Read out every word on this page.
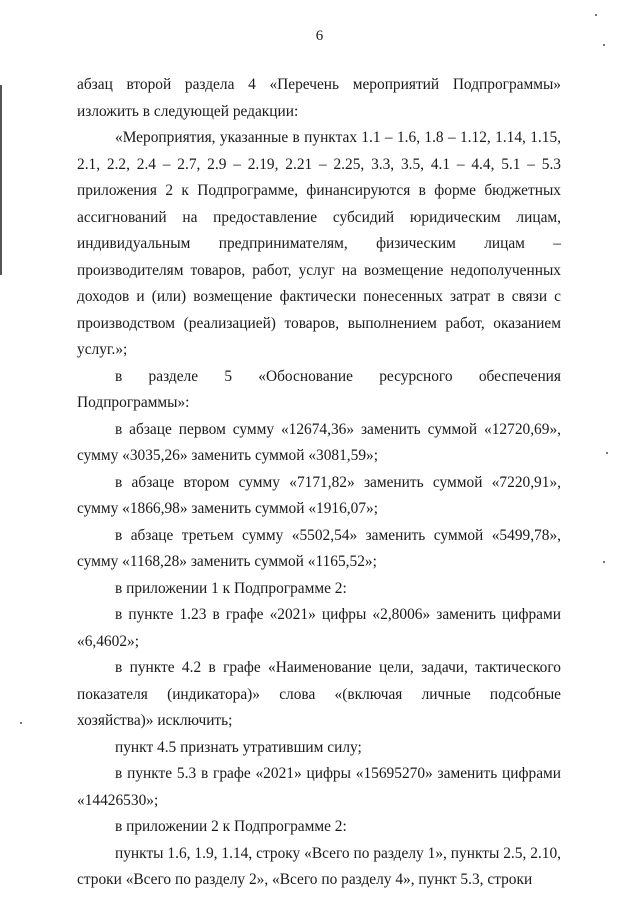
6

абзац второй раздела 4 «Перечень мероприятий Подпрограммы» изложить в следующей редакции:

«Мероприятия, указанные в пунктах 1.1 – 1.6, 1.8 – 1.12, 1.14, 1.15, 2.1, 2.2, 2.4 – 2.7, 2.9 – 2.19, 2.21 – 2.25, 3.3, 3.5, 4.1 – 4.4, 5.1 – 5.3 приложения 2 к Подпрограмме, финансируются в форме бюджетных ассигнований на предоставление субсидий юридическим лицам, индивидуальным предпринимателям, физическим лицам – производителям товаров, работ, услуг на возмещение недополученных доходов и (или) возмещение фактически понесенных затрат в связи с производством (реализацией) товаров, выполнением работ, оказанием услуг.»;

в разделе 5 «Обоснование ресурсного обеспечения Подпрограммы»:

в абзаце первом сумму «12674,36» заменить суммой «12720,69», сумму «3035,26» заменить суммой «3081,59»;

в абзаце втором сумму «7171,82» заменить суммой «7220,91», сумму «1866,98» заменить суммой «1916,07»;

в абзаце третьем сумму «5502,54» заменить суммой «5499,78», сумму «1168,28» заменить суммой «1165,52»;

в приложении 1 к Подпрограмме 2:

в пункте 1.23 в графе «2021» цифры «2,8006» заменить цифрами «6,4602»;

в пункте 4.2 в графе «Наименование цели, задачи, тактического показателя (индикатора)» слова «(включая личные подсобные хозяйства)» исключить;

пункт 4.5 признать утратившим силу;

в пункте 5.3 в графе «2021» цифры «15695270» заменить цифрами «14426530»;

в приложении 2 к Подпрограмме 2:

пункты 1.6, 1.9, 1.14, строку «Всего по разделу 1», пункты 2.5, 2.10, строки «Всего по разделу 2», «Всего по разделу 4», пункт 5.3, строки
